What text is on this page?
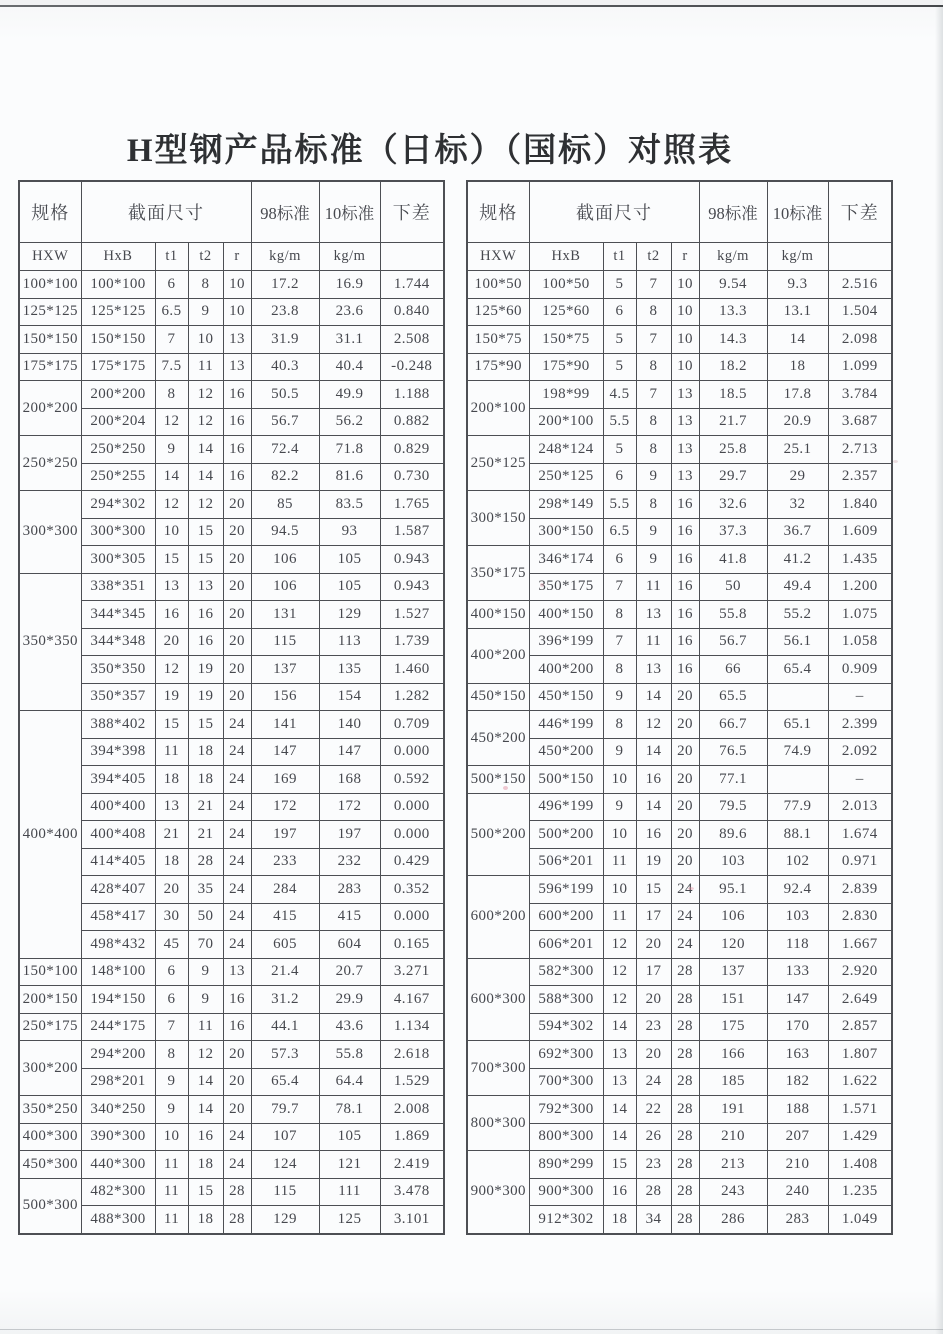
H型钢产品标准（日标）（国标）对照表
规格	截面尺寸				98标准	10标准	下差
HXW	HxB	t1	t2	r	kg/m	kg/m	
100*100	100*100	6	8	10	17.2	16.9	1.744
125*125	125*125	6.5	9	10	23.8	23.6	0.840
150*150	150*150	7	10	13	31.9	31.1	2.508
175*175	175*175	7.5	11	13	40.3	40.4	-0.248
200*200	200*200	8	12	16	50.5	49.9	1.188
	200*204	12	12	16	56.7	56.2	0.882
250*250	250*250	9	14	16	72.4	71.8	0.829
	250*255	14	14	16	82.2	81.6	0.730
300*300	294*302	12	12	20	85	83.5	1.765
	300*300	10	15	20	94.5	93	1.587
	300*305	15	15	20	106	105	0.943
350*350	338*351	13	13	20	106	105	0.943
	344*345	16	16	20	131	129	1.527
	344*348	20	16	20	115	113	1.739
	350*350	12	19	20	137	135	1.460
	350*357	19	19	20	156	154	1.282
400*400	388*402	15	15	24	141	140	0.709
	394*398	11	18	24	147	147	0.000
	394*405	18	18	24	169	168	0.592
	400*400	13	21	24	172	172	0.000
	400*408	21	21	24	197	197	0.000
	414*405	18	28	24	233	232	0.429
	428*407	20	35	24	284	283	0.352
	458*417	30	50	24	415	415	0.000
	498*432	45	70	24	605	604	0.165
150*100	148*100	6	9	13	21.4	20.7	3.271
200*150	194*150	6	9	16	31.2	29.9	4.167
250*175	244*175	7	11	16	44.1	43.6	1.134
300*200	294*200	8	12	20	57.3	55.8	2.618
	298*201	9	14	20	65.4	64.4	1.529
350*250	340*250	9	14	20	79.7	78.1	2.008
400*300	390*300	10	16	24	107	105	1.869
450*300	440*300	11	18	24	124	121	2.419
500*300	482*300	11	15	28	115	111	3.478
	488*300	11	18	28	129	125	3.101
规格	截面尺寸				98标准	10标准	下差
HXW	HxB	t1	t2	r	kg/m	kg/m	
100*50	100*50	5	7	10	9.54	9.3	2.516
125*60	125*60	6	8	10	13.3	13.1	1.504
150*75	150*75	5	7	10	14.3	14	2.098
175*90	175*90	5	8	10	18.2	18	1.099
200*100	198*99	4.5	7	13	18.5	17.8	3.784
	200*100	5.5	8	13	21.7	20.9	3.687
250*125	248*124	5	8	13	25.8	25.1	2.713
	250*125	6	9	13	29.7	29	2.357
300*150	298*149	5.5	8	16	32.6	32	1.840
	300*150	6.5	9	16	37.3	36.7	1.609
350*175	346*174	6	9	16	41.8	41.2	1.435
	350*175	7	11	16	50	49.4	1.200
400*150	400*150	8	13	16	55.8	55.2	1.075
400*200	396*199	7	11	16	56.7	56.1	1.058
	400*200	8	13	16	66	65.4	0.909
450*150	450*150	9	14	20	65.5		–
450*200	446*199	8	12	20	66.7	65.1	2.399
	450*200	9	14	20	76.5	74.9	2.092
500*150	500*150	10	16	20	77.1		–
500*200	496*199	9	14	20	79.5	77.9	2.013
	500*200	10	16	20	89.6	88.1	1.674
	506*201	11	19	20	103	102	0.971
600*200	596*199	10	15	24	95.1	92.4	2.839
	600*200	11	17	24	106	103	2.830
	606*201	12	20	24	120	118	1.667
600*300	582*300	12	17	28	137	133	2.920
	588*300	12	20	28	151	147	2.649
	594*302	14	23	28	175	170	2.857
700*300	692*300	13	20	28	166	163	1.807
	700*300	13	24	28	185	182	1.622
800*300	792*300	14	22	28	191	188	1.571
	800*300	14	26	28	210	207	1.429
900*300	890*299	15	23	28	213	210	1.408
	900*300	16	28	28	243	240	1.235
	912*302	18	34	28	286	283	1.049
